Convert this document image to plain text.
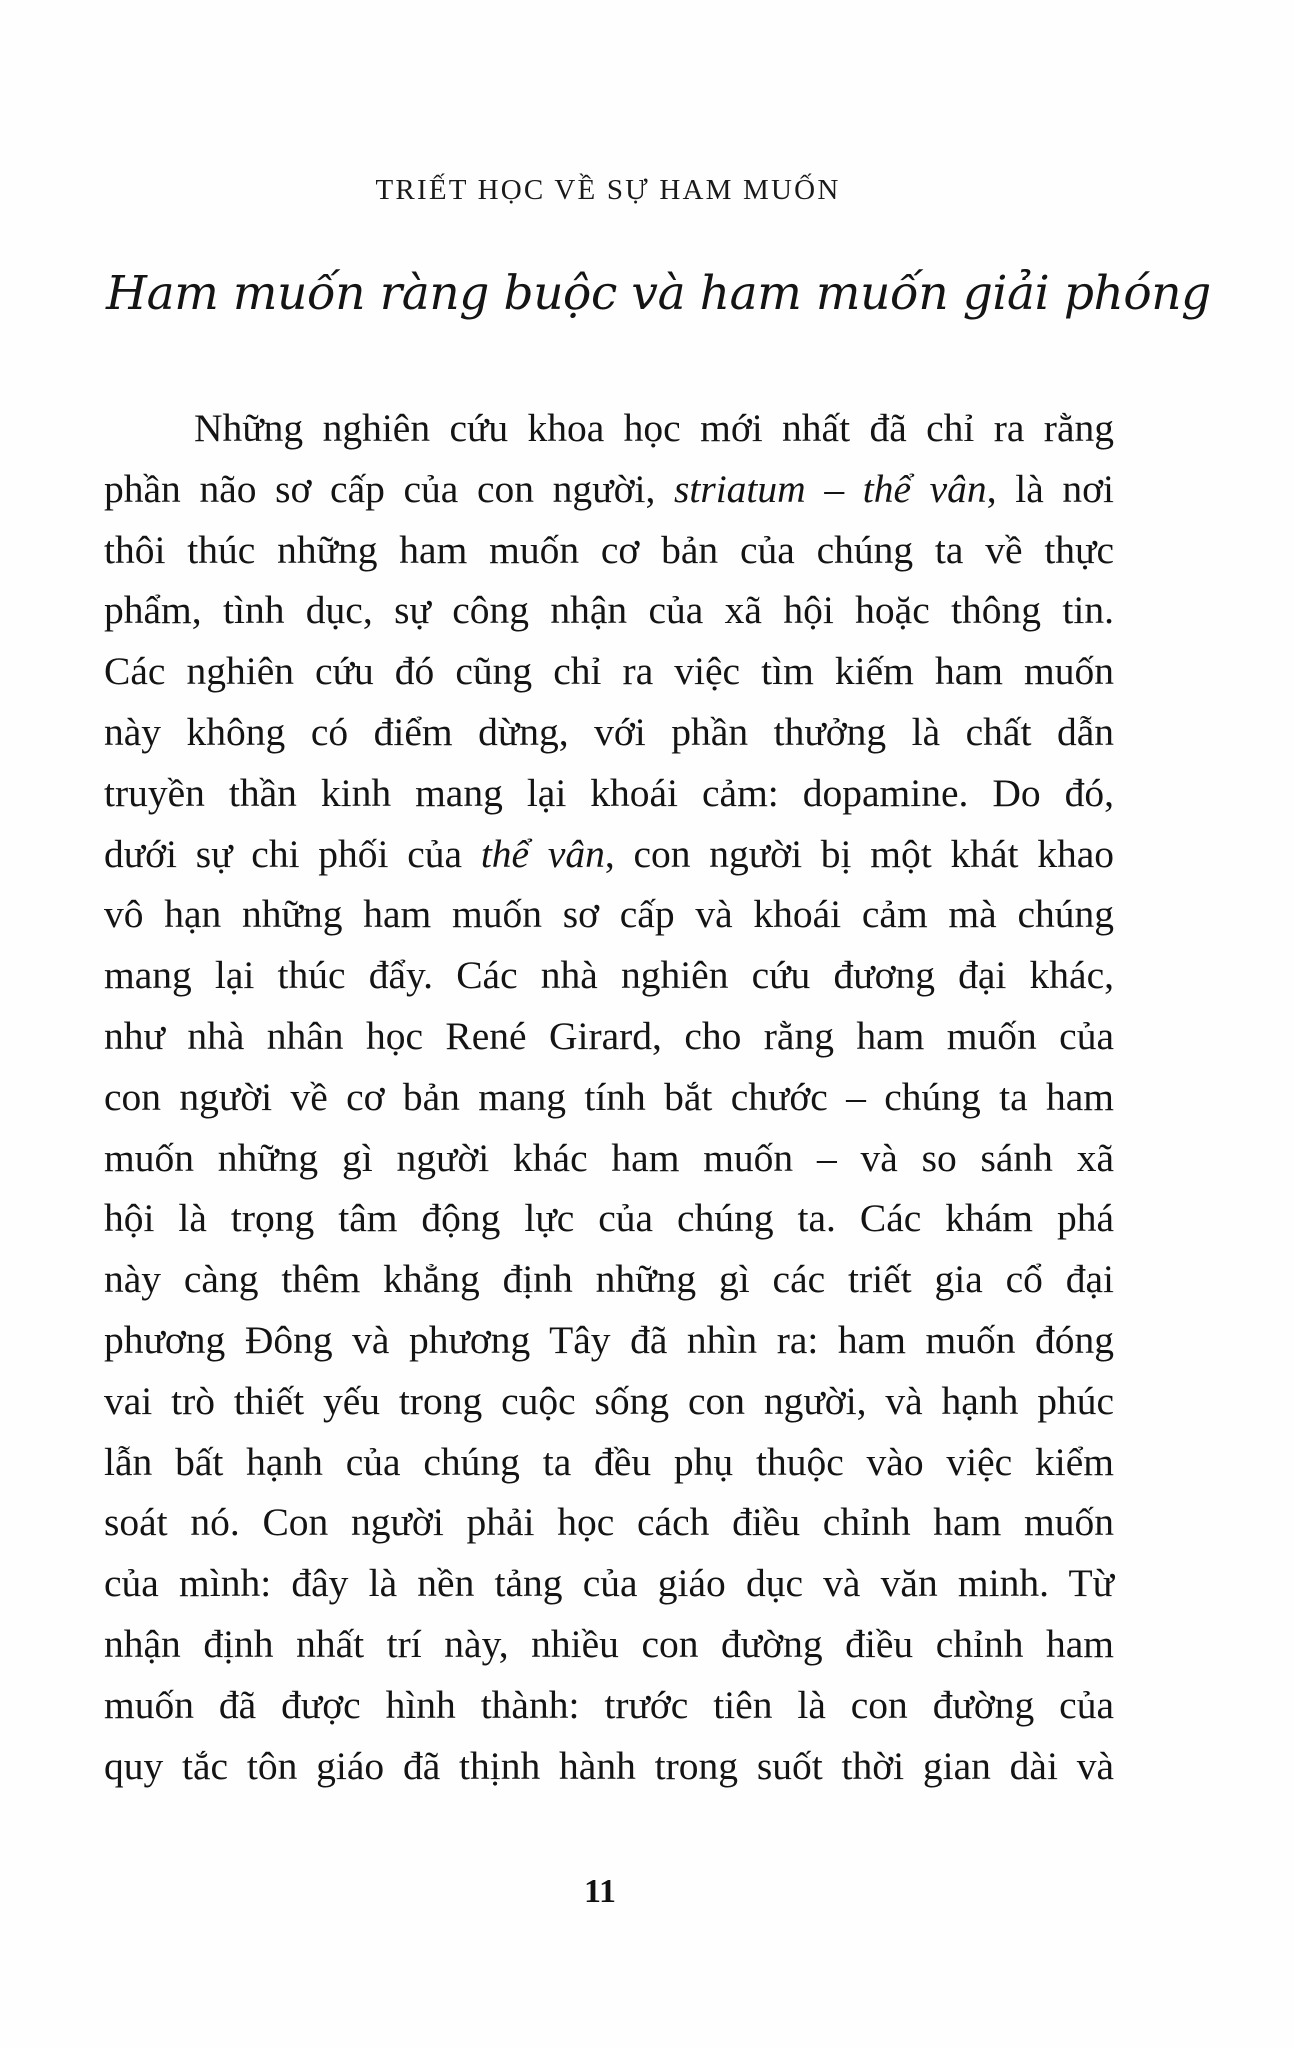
TRIẾT HỌC VỀ SỰ HAM MUỐN
Ham muốn ràng buộc và ham muốn giải phóng
Những nghiên cứu khoa học mới nhất đã chỉ ra rằng
phần não sơ cấp của con người, striatum – thể vân, là nơi
thôi thúc những ham muốn cơ bản của chúng ta về thực
phẩm, tình dục, sự công nhận của xã hội hoặc thông tin.
Các nghiên cứu đó cũng chỉ ra việc tìm kiếm ham muốn
này không có điểm dừng, với phần thưởng là chất dẫn
truyền thần kinh mang lại khoái cảm: dopamine. Do đó,
dưới sự chi phối của thể vân, con người bị một khát khao
vô hạn những ham muốn sơ cấp và khoái cảm mà chúng
mang lại thúc đẩy. Các nhà nghiên cứu đương đại khác,
như nhà nhân học René Girard, cho rằng ham muốn của
con người về cơ bản mang tính bắt chước – chúng ta ham
muốn những gì người khác ham muốn – và so sánh xã
hội là trọng tâm động lực của chúng ta. Các khám phá
này càng thêm khẳng định những gì các triết gia cổ đại
phương Đông và phương Tây đã nhìn ra: ham muốn đóng
vai trò thiết yếu trong cuộc sống con người, và hạnh phúc
lẫn bất hạnh của chúng ta đều phụ thuộc vào việc kiểm
soát nó. Con người phải học cách điều chỉnh ham muốn
của mình: đây là nền tảng của giáo dục và văn minh. Từ
nhận định nhất trí này, nhiều con đường điều chỉnh ham
muốn đã được hình thành: trước tiên là con đường của
quy tắc tôn giáo đã thịnh hành trong suốt thời gian dài và
11
